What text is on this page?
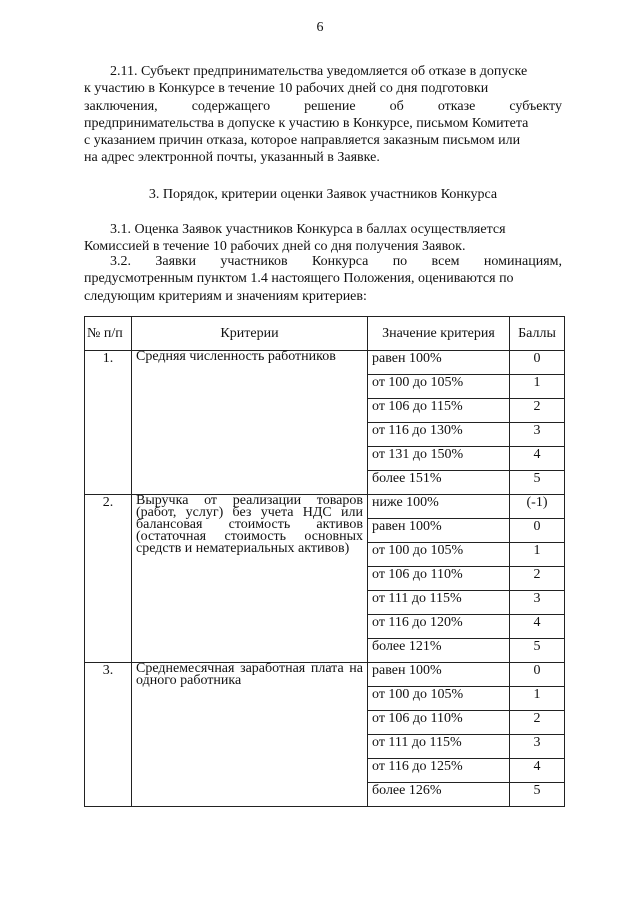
6
2.11. Субъект предпринимательства уведомляется об отказе в допуске
к участию в Конкурсе в течение 10 рабочих дней со дня подготовки
заключения, содержащего решение об отказе субъекту
предпринимательства в допуске к участию в Конкурсе, письмом Комитета
с указанием причин отказа, которое направляется заказным письмом или
на адрес электронной почты, указанный в Заявке.
3. Порядок, критерии оценки Заявок участников Конкурса
3.1. Оценка Заявок участников Конкурса в баллах осуществляется
Комиссией в течение 10 рабочих дней со дня получения Заявок.
3.2. Заявки участников Конкурса по всем номинациям,
предусмотренным пунктом 1.4 настоящего Положения, оцениваются по
следующим критериям и значениям критериев:
№ п/п	Критерии	Значение критерия	Баллы
1.	Средняя численность работников	равен 100%	0
		от 100 до 105%	1
		от 106 до 115%	2
		от 116 до 130%	3
		от 131 до 150%	4
		более 151%	5
2.	Выручка от реализации товаров (работ, услуг) без учета НДС или балансовая стоимость активов (остаточная стоимость основных средств и нематериальных активов)	ниже 100%	(-1)
		равен 100%	0
		от 100 до 105%	1
		от 106 до 110%	2
		от 111 до 115%	3
		от 116 до 120%	4
		более 121%	5
3.	Среднемесячная заработная плата на одного работника	равен 100%	0
		от 100 до 105%	1
		от 106 до 110%	2
		от 111 до 115%	3
		от 116 до 125%	4
		более 126%	5
